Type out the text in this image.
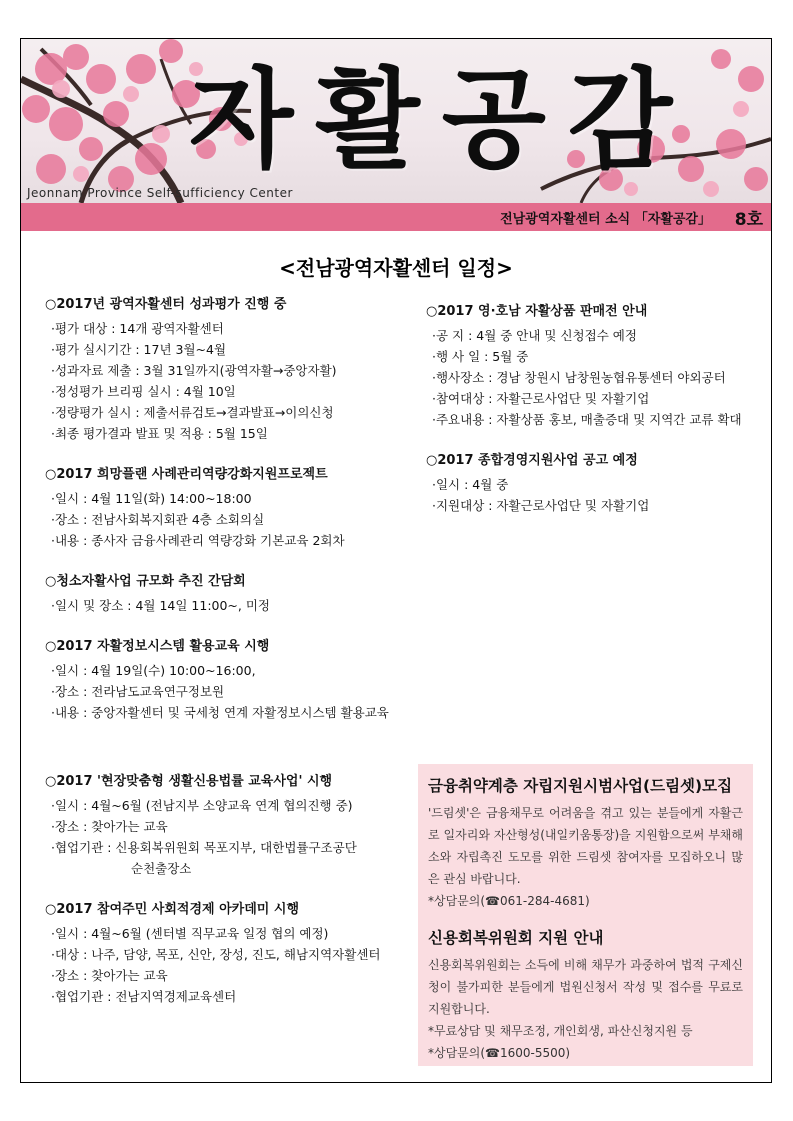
자활공감
Jeonnam Province Self-sufficiency Center
전남광역자활센터 소식 「자활공감」 8호
<전남광역자활센터 일정>
○2017년 광역자활센터 성과평가 진행 중
·평가 대상 : 14개 광역자활센터
·평가 실시기간 : 17년 3월~4월
·성과자료 제출 : 3월 31일까지(광역자활→중앙자활)
·정성평가 브리핑 실시 : 4월 10일
·정량평가 실시 : 제출서류검토→결과발표→이의신청
·최종 평가결과 발표 및 적용 : 5월 15일
○2017 희망플랜 사례관리역량강화지원프로젝트
·일시 : 4월 11일(화) 14:00~18:00
·장소 : 전남사회복지회관 4층 소회의실
·내용 : 종사자 금융사례관리 역량강화 기본교육 2회차
○청소자활사업 규모화 추진 간담회
·일시 및 장소 : 4월 14일 11:00~, 미정
○2017 자활정보시스템 활용교육 시행
·일시 : 4월 19일(수) 10:00~16:00,
·장소 : 전라남도교육연구정보원
·내용 : 중앙자활센터 및 국세청 연계 자활정보시스템 활용교육
○2017 '현장맞춤형 생활신용법률 교육사업' 시행
·일시 : 4월~6월 (전남지부 소양교육 연계 협의진행 중)
·장소 : 찾아가는 교육
·협업기관 : 신용회복위원회 목포지부, 대한법률구조공단
순천출장소
○2017 참여주민 사회적경제 아카데미 시행
·일시 : 4월~6월 (센터별 직무교육 일정 협의 예정)
·대상 : 나주, 담양, 목포, 신안, 장성, 진도, 해남지역자활센터
·장소 : 찾아가는 교육
·협업기관 : 전남지역경제교육센터
○2017 영·호남 자활상품 판매전 안내
·공 지 : 4월 중 안내 및 신청접수 예정
·행 사 일 : 5월 중
·행사장소 : 경남 창원시 남창원농협유통센터 야외공터
·참여대상 : 자활근로사업단 및 자활기업
·주요내용 : 자활상품 홍보, 매출증대 및 지역간 교류 확대
○2017 종합경영지원사업 공고 예정
·일시 : 4월 중
·지원대상 : 자활근로사업단 및 자활기업
금융취약계층 자립지원시범사업(드림셋)모집

'드림셋'은 금융채무로 어려움을 겪고 있는 분들에게 자활근로 일자리와 자산형성(내일키움통장)을 지원함으로써 부채해소와 자립촉진 도모를 위한 드림셋 참여자를 모집하오니 많은 관심 바랍니다.

*상담문의(☎061-284-4681)
신용회복위원회 지원 안내

신용회복위원회는 소득에 비해 채무가 과중하여 법적 구제신청이 불가피한 분들에게 법원신청서 작성 및 접수를 무료로 지원합니다.

*무료상담 및 채무조정, 개인회생, 파산신청지원 등
*상담문의(☎1600-5500)
